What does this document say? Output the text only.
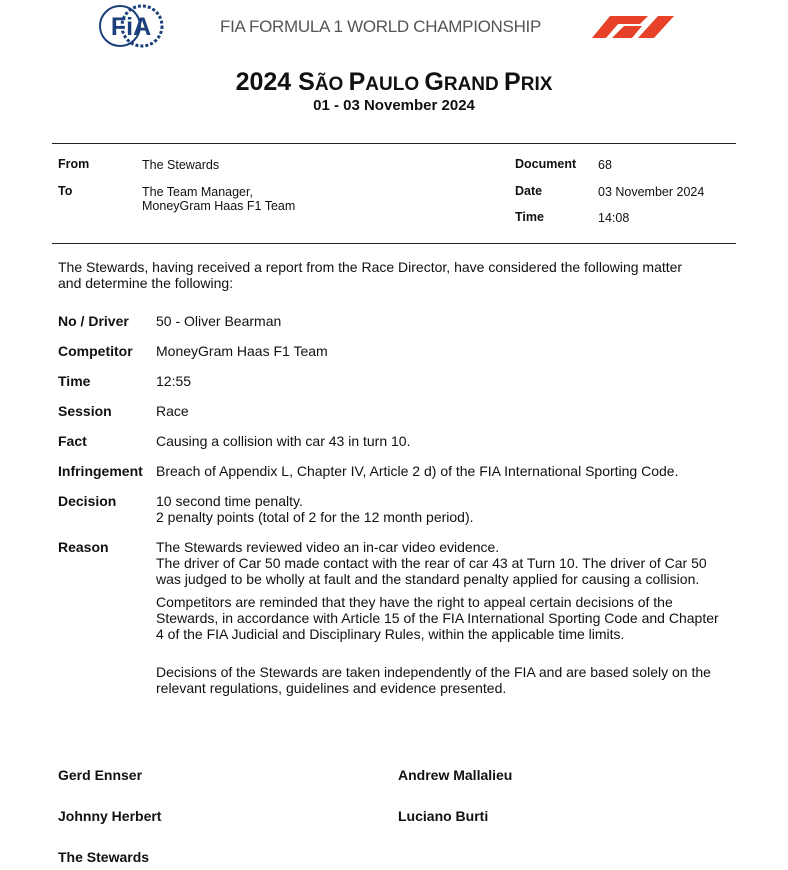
FiA	FIA FORMULA 1 WORLD CHAMPIONSHIP
2024 SÃO PAULO GRAND PRIX
01 - 03 November 2024
From	The Stewards
To	The Team Manager,
MoneyGram Haas F1 Team
Document 68
Date	03 November 2024
Time	14:08
The Stewards, having received a report from the Race Director, have considered the following matter and determine the following:
No / Driver 50 - Oliver Bearman
Competitor MoneyGram Haas F1 Team
Time	12:55
Session	Race
Fact	Causing a collision with car 43 in turn 10.
Infringement Breach of Appendix L, Chapter IV, Article 2 d) of the FIA International Sporting Code.
Decision	10 second time penalty.
2 penalty points (total of 2 for the 12 month period).
Reason	The Stewards reviewed video an in-car video evidence.

The driver of Car 50 made contact with the rear of car 43 at Turn 10. The driver of Car 50 was judged to be wholly at fault and the standard penalty applied for causing a collision.

Competitors are reminded that they have the right to appeal certain decisions of the Stewards, in accordance with Article 15 of the FIA International Sporting Code and Chapter 4 of the FIA Judicial and Disciplinary Rules, within the applicable time limits.

Decisions of the Stewards are taken independently of the FIA and are based solely on the relevant regulations, guidelines and evidence presented.

Gerd Ennser	Andrew Mallalieu
Johnny Herbert	Luciano Burti
The Stewards
